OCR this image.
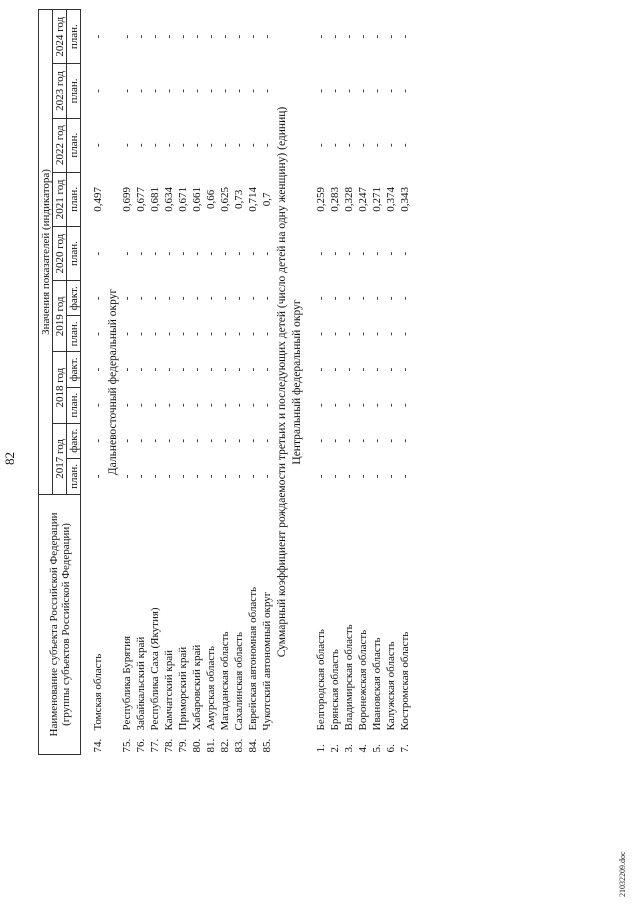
82
Наименование субъекта Российской Федерации (группы субъектов Российской Федерации)		Значения показателей (индикатора)										
		2017 год		2018 год		2019 год		2020 год	2021 год	2022 год	2023 год	2024 год
		план.	факт.	план.	факт.	план.	факт.	план.	план.	план.	план.	план.

74.	Томская область	-	-	-	-	-	-	-	0,497	-	-	-
Дальневосточный федеральный округ												
75.	Республика Бурятия	-	-	-	-	-	-	-	0,699	-	-	-
76.	Забайкальский край	-	-	-	-	-	-	-	0,677	-	-	-
77.	Республика Саха (Якутия)	-	-	-	-	-	-	-	0,681	-	-	-
78.	Камчатский край	-	-	-	-	-	-	-	0,634	-	-	-
79.	Приморский край	-	-	-	-	-	-	-	0,671	-	-	-
80.	Хабаровский край	-	-	-	-	-	-	-	0,661	-	-	-
81.	Амурская область	-	-	-	-	-	-	-	0,66	-	-	-
82.	Магаданская область	-	-	-	-	-	-	-	0,625	-	-	-
83.	Сахалинская область	-	-	-	-	-	-	-	0,73	-	-	-
84.	Еврейская автономная область	-	-	-	-	-	-	-	0,714	-	-	-
85.	Чукотский автономный округ	-	-	-	-	-	-	-	0,7	-	-	-
Суммарный коэффициент рождаемости третьих и последующих детей (число детей на одну женщину) (единиц)												
Центральный федеральный округ												

1.	Белгородская область	-	-	-	-	-	-	-	0,259	-	-	-
2.	Брянская область	-	-	-	-	-	-	-	0,283	-	-	-
3.	Владимирская область	-	-	-	-	-	-	-	0,328	-	-	-
4.	Воронежская область	-	-	-	-	-	-	-	0,247	-	-	-
5.	Ивановская область	-	-	-	-	-	-	-	0,271	-	-	-
6.	Калужская область	-	-	-	-	-	-	-	0,374	-	-	-
7.	Костромская область	-	-	-	-	-	-	-	0,343	-	-	-
21032209.doc
